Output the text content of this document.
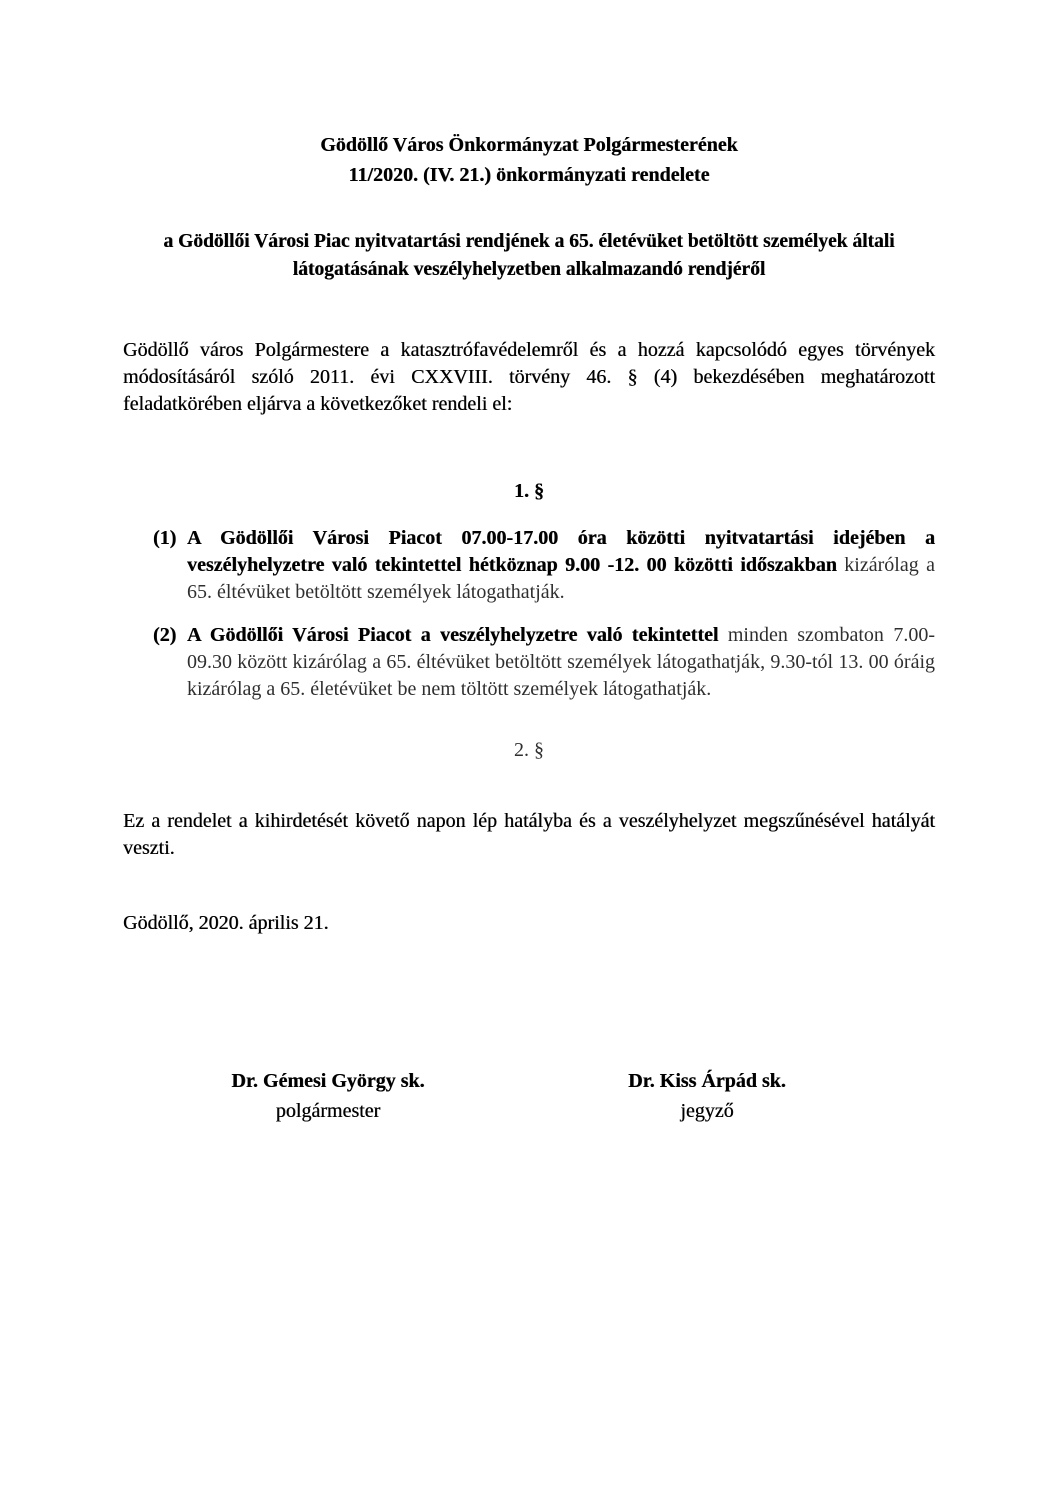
Gödöllő Város Önkormányzat Polgármesterének
11/2020. (IV. 21.) önkormányzati rendelete
a Gödöllői Városi Piac nyitvatartási rendjének a 65. életévüket betöltött személyek általi
látogatásának veszélyhelyzetben alkalmazandó rendjéről
Gödöllő város Polgármestere a katasztrófavédelemről és a hozzá kapcsolódó egyes törvények módosításáról szóló 2011. évi CXXVIII. törvény 46. § (4) bekezdésében meghatározott feladatkörében eljárva a következőket rendeli el:
1. §
(1) A Gödöllői Városi Piacot 07.00-17.00 óra közötti nyitvatartási idejében a veszélyhelyzetre való tekintettel hétköznap 9.00 -12. 00 közötti időszakban kizárólag a 65. éltévüket betöltött személyek látogathatják.
(2) A Gödöllői Városi Piacot a veszélyhelyzetre való tekintettel minden szombaton 7.00-09.30 között kizárólag a 65. éltévüket betöltött személyek látogathatják, 9.30-tól 13. 00 óráig kizárólag a 65. életévüket be nem töltött személyek látogathatják.
2. §
Ez a rendelet a kihirdetését követő napon lép hatályba és a veszélyhelyzet megszűnésével hatályát veszti.
Gödöllő, 2020. április 21.
Dr. Gémesi György sk.
polgármester
Dr. Kiss Árpád sk.
jegyző
